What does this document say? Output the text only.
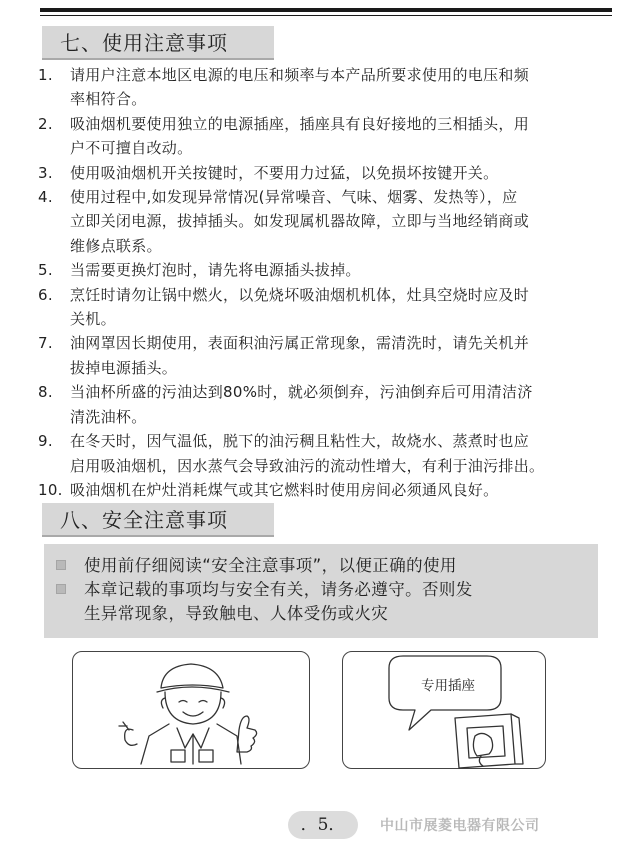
七、使用注意事项
1. 请用户注意本地区电源的电压和频率与本产品所要求使用的电压和频
率相符合。
2. 吸油烟机要使用独立的电源插座，插座具有良好接地的三相插头，用
户不可擅自改动。
3. 使用吸油烟机开关按键时，不要用力过猛，以免损坏按键开关。
4. 使用过程中,如发现异常情况(异常噪音、气味、烟雾、发热等），应
立即关闭电源，拔掉插头。如发现属机器故障，立即与当地经销商或
维修点联系。
5. 当需要更换灯泡时，请先将电源插头拔掉。
6. 烹饪时请勿让锅中燃火，以免烧坏吸油烟机机体，灶具空烧时应及时
关机。
7. 油网罩因长期使用，表面积油污属正常现象，需清洗时，请先关机并
拔掉电源插头。
8. 当油杯所盛的污油达到80%时，就必须倒弃，污油倒弃后可用清洁济
清洗油杯。
9. 在冬天时，因气温低，脱下的油污稠且粘性大，故烧水、蒸煮时也应
启用吸油烟机，因水蒸气会导致油污的流动性增大，有利于油污排出。
10. 吸油烟机在炉灶消耗煤气或其它燃料时使用房间必须通风良好。
八、安全注意事项
使用前仔细阅读“安全注意事项”，以便正确的使用
本章记载的事项均与安全有关，请务必遵守。否则发
生异常现象，导致触电、人体受伤或火灾
专用插座
．5．	中山市展菱电器有限公司
